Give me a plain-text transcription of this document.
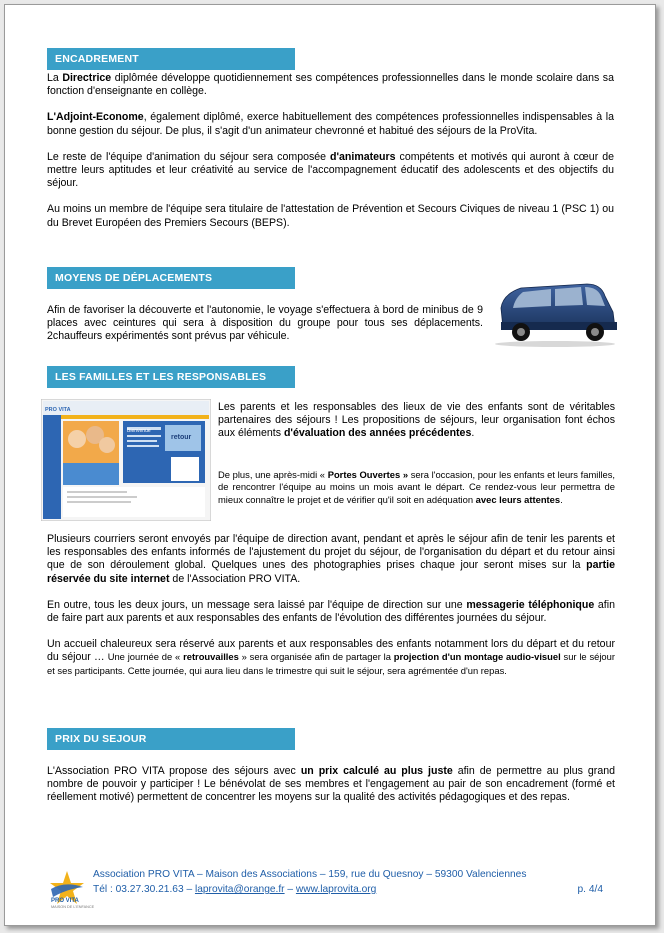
ENCADREMENT

La Directrice diplômée développe quotidiennement ses compétences professionnelles dans le monde scolaire dans sa fonction d'enseignante en collège.

L'Adjoint-Econome, également diplômé, exerce habituellement des compétences professionnelles indispensables à la bonne gestion du séjour. De plus, il s'agit d'un animateur chevronné et habitué des séjours de la ProVita.

Le reste de l'équipe d'animation du séjour sera composée d'animateurs compétents et motivés qui auront à cœur de mettre leurs aptitudes et leur créativité au service de l'accompagnement éducatif des adolescents et des objectifs du séjour.

Au moins un membre de l'équipe sera titulaire de l'attestation de Prévention et Secours Civiques de niveau 1 (PSC 1) ou du Brevet Européen des Premiers Secours (BEPS).

MOYENS DE DÉPLACEMENTS

Afin de favoriser la découverte et l'autonomie, le voyage s'effectuera à bord de minibus de 9 places avec ceintures qui sera à disposition du groupe pour tous ses déplacements. 2chauffeurs expérimentés sont prévus par véhicule.

LES FAMILLES ET LES RESPONSABLES
PRO VITA
Bienvenue
retour

Les parents et les responsables des lieux de vie des enfants sont de véritables partenaires des séjours ! Les propositions de séjours, leur organisation font échos aux éléments d'évaluation des années précédentes.

De plus, une après-midi « Portes Ouvertes » sera l'occasion, pour les enfants et leurs familles, de rencontrer l'équipe au moins un mois avant le départ. Ce rendez-vous leur permettra de mieux connaître le projet et de vérifier qu'il soit en adéquation avec leurs attentes.

Plusieurs courriers seront envoyés par l'équipe de direction avant, pendant et après le séjour afin de tenir les parents et les responsables des enfants informés de l'ajustement du projet du séjour, de l'organisation du départ et du retour ainsi que de son déroulement global. Quelques unes des photographies prises chaque jour seront mises sur la partie réservée du site internet de l'Association PRO VITA.

En outre, tous les deux jours, un message sera laissé par l'équipe de direction sur une messagerie téléphonique afin de faire part aux parents et aux responsables des enfants de l'évolution des différentes journées du séjour.

Un accueil chaleureux sera réservé aux parents et aux responsables des enfants notamment lors du départ et du retour du séjour … Une journée de « retrouvailles » sera organisée afin de partager la projection d'un montage audio-visuel sur le séjour et ses participants. Cette journée, qui aura lieu dans le trimestre qui suit le séjour, sera agrémentée d'un repas.

PRIX DU SEJOUR

L'Association PRO VITA propose des séjours avec un prix calculé au plus juste afin de permettre au plus grand nombre de pouvoir y participer ! Le bénévolat de ses membres et l'engagement au pair de son encadrement (formé et réellement motivé) permettent de concentrer les moyens sur la qualité des activités pédagogiques et des repas.

PRO VITA
MAISON DE L'ENFANCE
Association PRO VITA – Maison des Associations – 159, rue du Quesnoy – 59300 Valenciennes
Tél : 03.27.30.21.63 – laprovita@orange.fr – www.laprovita.org	p. 4/4
